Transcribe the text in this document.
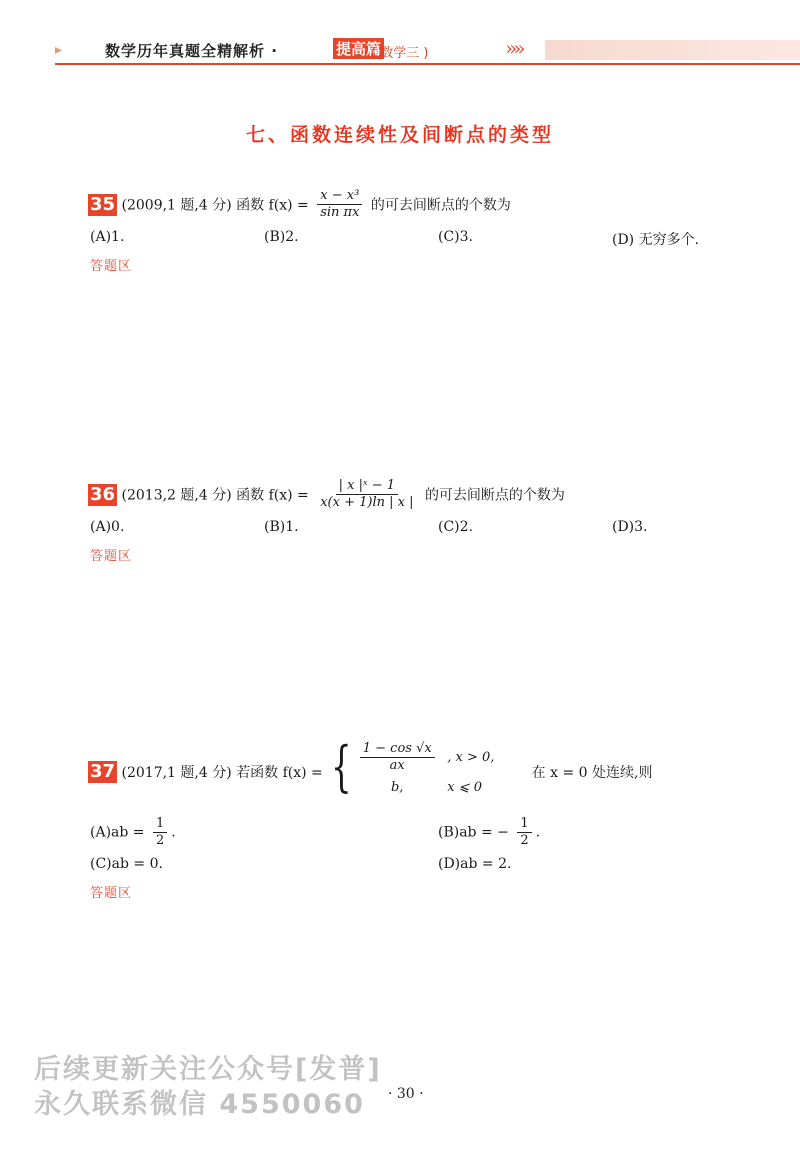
▸	数学历年真题全精解析 ·	提高篇
( 数学三 )	»»
七、函数连续性及间断点的类型
35 (2009,1 题,4 分) 函数 $f(x) = \frac{\text{x − x³}}{\text{sin πx}}$ 的可去间断点的个数为
(A)1.	(B)2.	(C)3.	(D) 无穷多个.
答题区
36 (2013,2 题,4 分) 函数 $f(x) = \frac{\text{| x |ˣ − 1}}{x(x + 1)\ln | x |}$ 的可去间断点的个数为
(A)0.	(B)1.	(C)2.	(D)3.
答题区
37 (2017,1 题,4 分) 若函数 f(x) = { $\frac{1 - \cos √x}{ax}$ , x > 0,
b,	x ⩽ 0
在 x = 0 处连续,则
$(A)ab = \frac{1}{2}$ .	(B)ab = − $\frac{1}{2}$ .
(C)ab = 0.	(D)ab = 2.
答题区
后续更新关注公众号[发普]
永久联系微信 4550060	· 30 ·
